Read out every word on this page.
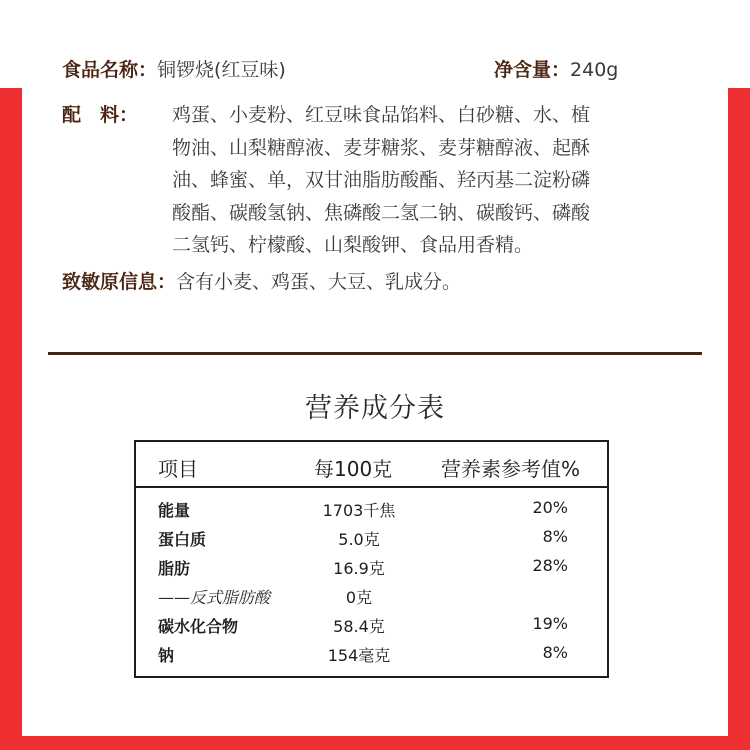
食品名称：铜锣烧(红豆味)	净含量：240g
配　料： 鸡蛋、小麦粉、红豆味食品馅料、白砂糖、水、植
物油、山梨糖醇液、麦芽糖浆、麦芽糖醇液、起酥
油、蜂蜜、单，双甘油脂肪酸酯、羟丙基二淀粉磷
酸酯、碳酸氢钠、焦磷酸二氢二钠、碳酸钙、磷酸
二氢钙、柠檬酸、山梨酸钾、食品用香精。
致敏原信息：含有小麦、鸡蛋、大豆、乳成分。
营养成分表
项目	每100克 营养素参考值%
能量	1703千焦	20%
蛋白质	5.0克	8%
脂肪	16.9克	28%
——反式脂肪酸	0克
碳水化合物	58.4克	19%
钠	154毫克	8%
